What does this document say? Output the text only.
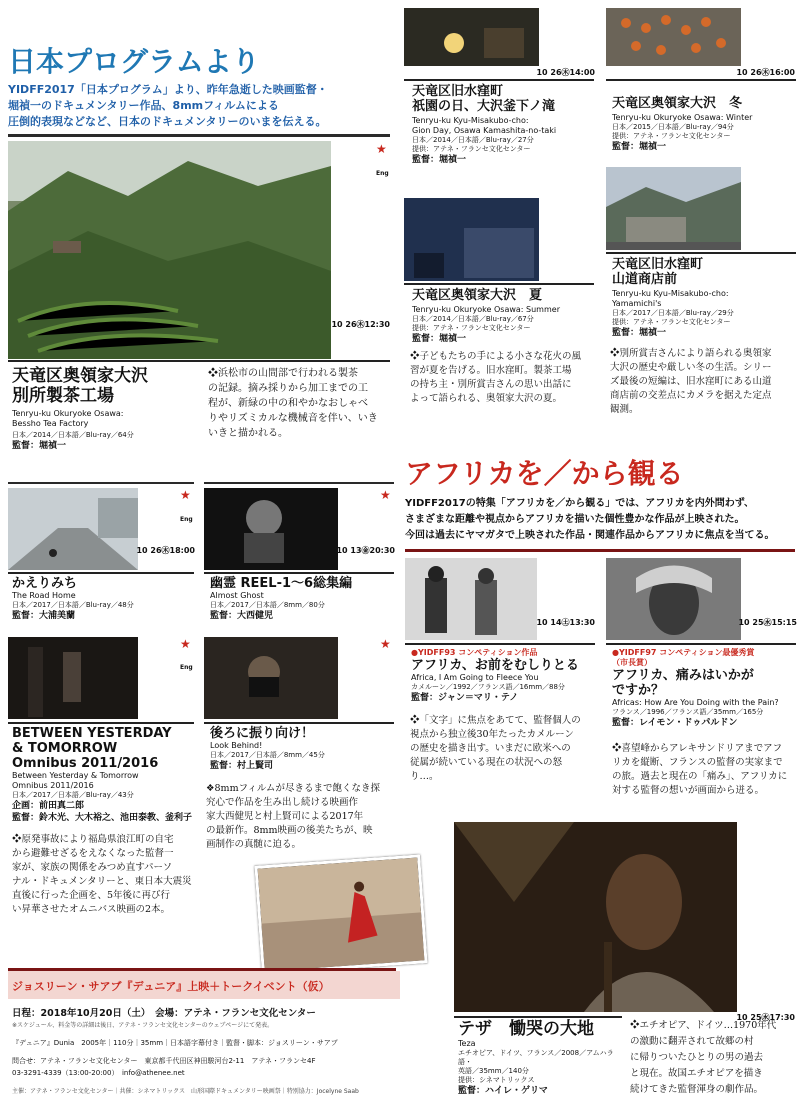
日本プログラムより
YIDFF2017「日本プログラム」より、昨年急逝した映画監督・
堀禎一のドキュメンタリー作品、8mmフィルムによる
圧倒的表現などなど、日本のドキュメンタリーのいまを伝える。
★
Eng
10 26㊍12:30
天竜区奥領家大沢
別所製茶工場
Tenryu-ku Okuryoke Osawa:
Bessho Tea Factory
日本／2014／日本語／Blu-ray／64分
監督：堀禎一
❖浜松市の山間部で行われる製茶
の記録。摘み採りから加工までの工
程が、新緑の中の和やかなおしゃべ
りやリズミカルな機械音を伴い、いき
いきと描かれる。
10 26㊍14:00
天竜区旧水窪町
祇園の日、大沢釜下ノ滝
Tenryu-ku Kyu-Misakubo-cho:
Gion Day, Osawa Kamashita-no-taki
日本／2014／日本語／Blu-ray／27分
提供：アテネ・フランセ文化センター
監督：堀禎一
10 26㊍16:00
天竜区奥領家大沢　冬
Tenryu-ku Okuryoke Osawa: Winter
日本／2015／日本語／Blu-ray／94分
提供：アテネ・フランセ文化センター
監督：堀禎一
天竜区奥領家大沢　夏
Tenryu-ku Okuryoke Osawa: Summer
日本／2014／日本語／Blu-ray／67分
提供：アテネ・フランセ文化センター
監督：堀禎一
❖子どもたちの手による小さな花火の風
習が夏を告げる。旧水窪町。製茶工場
の持ち主・別所賞吉さんの思い出話に
よって語られる、奥領家大沢の夏。
天竜区旧水窪町
山道商店前
Tenryu-ku Kyu-Misakubo-cho:
Yamamichi's
日本／2017／日本語／Blu-ray／29分
提供：アテネ・フランセ文化センター
監督：堀禎一
❖別所賞吉さんにより語られる奥領家
大沢の歴史や厳しい冬の生活。シリー
ズ最後の短編は、旧水窪町にある山道
商店前の交差点にカメラを据えた定点
観測。
★
Eng
10 26㊍18:00
かえりみち
The Road Home
日本／2017／日本語／Blu-ray／48分
監督：大浦美蘭
★
10 13㊎20:30
幽霊 REEL-1〜6総集編
Almost Ghost
日本／2017／日本語／8mm／80分
監督：大西健児
★
Eng
BETWEEN YESTERDAY
& TOMORROW
Omnibus 2011/2016
Between Yesterday & Tomorrow
Omnibus 2011/2016
日本／2017／日本語／Blu-ray／43分
企画：前田真二郎
監督：鈴木光、大木裕之、池田泰教、釜利子
❖原発事故により福島県浪江町の自宅
から避難せざるをえなくなった監督一
家が、家族の関係をみつめ直すパーソ
ナル・ドキュメンタリーと、東日本大震災
直後に行った企画を、5年後に再び行
い昇華させたオムニバス映画の2本。
★
後ろに振り向け！
Look Behind!
日本／2017／日本語／8mm／45分
監督：村上賢司
❖8mmフィルムが尽きるまで飽くなき探
究心で作品を生み出し続ける映画作
家大西健児と村上賢司による2017年
の最新作。8mm映画の後美たちが、映
画制作の真髄に迫る。
ジョスリーン・サアブ『デュニア』上映＋トークイベント（仮）
日程：2018年10月20日（土）　会場：アテネ・フランセ文化センター
※スケジュール、料金等の詳細は後日、アテネ・フランセ文化センターのウェブページにて発表。
『デュニア』Dunia　2005年｜110分｜35mm｜日本語字幕付き｜監督・脚本：ジョスリーン・サアブ
問合せ：アテネ・フランセ文化センター　東京都千代田区神田駿河台2-11　アテネ・フランセ4F
03-3291-4339（13:00-20:00）　info@athenee.net
主催：アテネ・フランセ文化センター｜共催：シネマトリックス　山形国際ドキュメンタリー映画祭｜特別協力：Jocelyne Saab
アフリカを／から観る
YIDFF2017の特集「アフリカを／から観る」では、アフリカを内外問わず、
さまざまな距離や視点からアフリカを描いた個性豊かな作品が上映された。
今回は過去にヤマガタで上映された作品・関連作品からアフリカに焦点を当てる。
10 14㊏13:30
●YIDFF93 コンペティション作品
アフリカ、お前をむしりとる
Africa, I Am Going to Fleece You
カメルーン／1992／フランス語／16mm／88分
監督：ジャン＝マリ・テノ
❖「文字」に焦点をあてて、監督個人の
視点から独立後30年たったカメルーン
の歴史を描き出す。いまだに欧米への
従属が続いている現在の状況への怒
り…。
10 25㊌15:15
●YIDFF97 コンペティション最優秀賞
（市長賞）
アフリカ、痛みはいかが
ですか？
Africas: How Are You Doing with the Pain?
フランス／1996／フランス語／35mm／165分
監督：レイモン・ドゥパルドン
❖喜望峰からアレキサンドリアまでアフ
リカを縦断、フランスの監督の実家まで
の旅。過去と現在の「痛み」、アフリカに
対する監督の想いが画面から迸る。
10 25㊌17:30
テザ　慟哭の大地
Teza
エチオピア、ドイツ、フランス／2008／アムハラ語・
英語／35mm／140分
提供：シネマトリックス
監督：ハイレ・ゲリマ
❖エチオピア、ドイツ…1970年代
の激動に翻弄されて故郷の村
に帰りついたひとりの男の過去
と現在。故国エチオピアを描き
続けてきた監督渾身の劇作品。
